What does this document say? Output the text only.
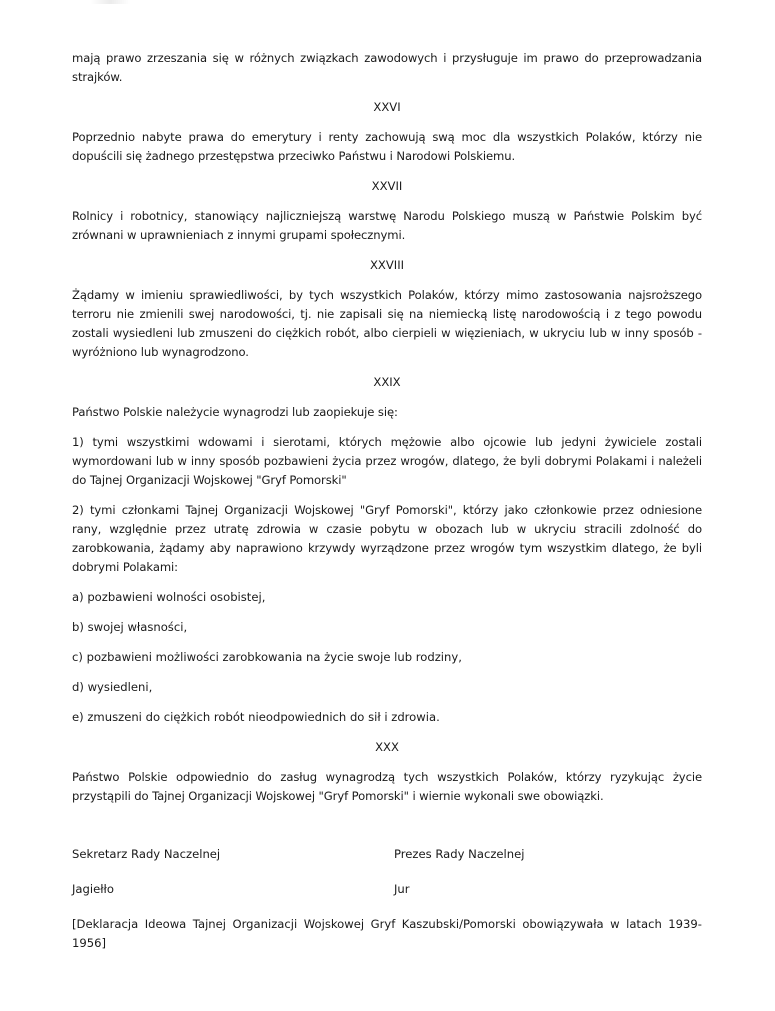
mają prawo zrzeszania się w różnych związkach zawodowych i przysługuje im prawo do przeprowadzania strajków.

XXVI

Poprzednio nabyte prawa do emerytury i renty zachowują swą moc dla wszystkich Polaków, którzy nie dopuścili się żadnego przestępstwa przeciwko Państwu i Narodowi Polskiemu.

XXVII

Rolnicy i robotnicy, stanowiący najliczniejszą warstwę Narodu Polskiego muszą w Państwie Polskim być zrównani w uprawnieniach z innymi grupami społecznymi.

XXVIII

Żądamy w imieniu sprawiedliwości, by tych wszystkich Polaków, którzy mimo zastosowania najsroższego terroru nie zmienili swej narodowości, tj. nie zapisali się na niemiecką listę narodowością i z tego powodu zostali wysiedleni lub zmuszeni do ciężkich robót, albo cierpieli w więzieniach, w ukryciu lub w inny sposób - wyróżniono lub wynagrodzono.

XXIX

Państwo Polskie należycie wynagrodzi lub zaopiekuje się:

1) tymi wszystkimi wdowami i sierotami, których mężowie albo ojcowie lub jedyni żywiciele zostali wymordowani lub w inny sposób pozbawieni życia przez wrogów, dlatego, że byli dobrymi Polakami i należeli do Tajnej Organizacji Wojskowej "Gryf Pomorski"

2) tymi członkami Tajnej Organizacji Wojskowej "Gryf Pomorski", którzy jako członkowie przez odniesione rany, względnie przez utratę zdrowia w czasie pobytu w obozach lub w ukryciu stracili zdolność do zarobkowania, żądamy aby naprawiono krzywdy wyrządzone przez wrogów tym wszystkim dlatego, że byli dobrymi Polakami:

a) pozbawieni wolności osobistej,

b) swojej własności,

c) pozbawieni możliwości zarobkowania na życie swoje lub rodziny,

d) wysiedleni,

e) zmuszeni do ciężkich robót nieodpowiednich do sił i zdrowia.

XXX

Państwo Polskie odpowiednio do zasług wynagrodzą tych wszystkich Polaków, którzy ryzykując życie przystąpili do Tajnej Organizacji Wojskowej "Gryf Pomorski" i wiernie wykonali swe obowiązki.

Sekretarz Rady Naczelnej

Jagiełło

Prezes Rady Naczelnej

Jur

[Deklaracja Ideowa Tajnej Organizacji Wojskowej Gryf Kaszubski/Pomorski obowiązywała w latach 1939-1956]
